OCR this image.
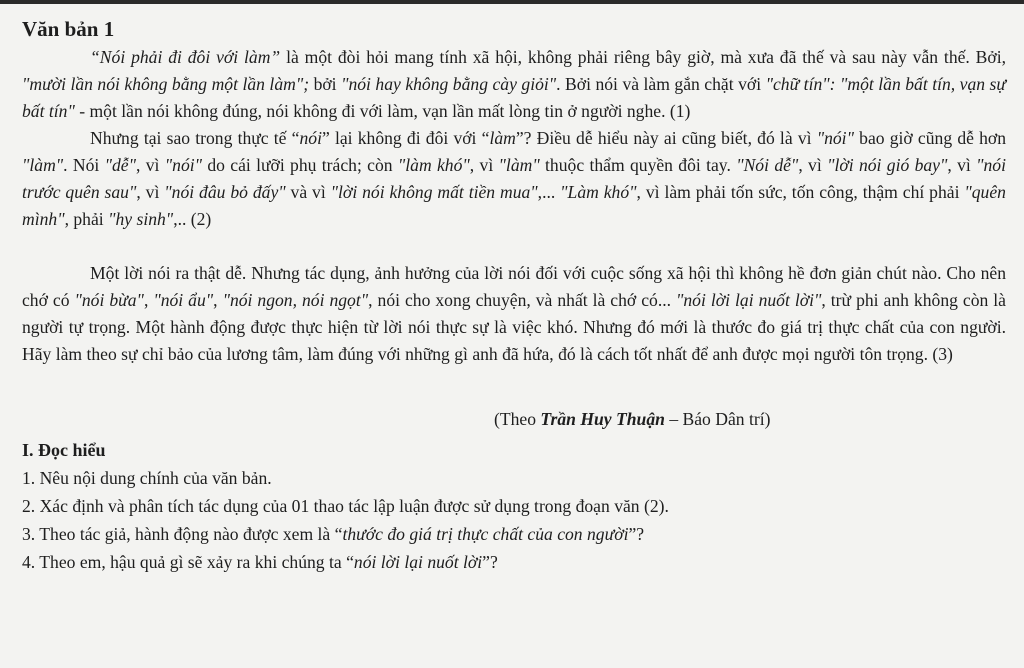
Văn bản 1

“Nói phải đi đôi với làm” là một đòi hỏi mang tính xã hội, không phải riêng bây giờ, mà xưa đã thế và sau này vẫn thế. Bởi, "mười lần nói không bằng một lần làm"; bởi "nói hay không bằng cày giỏi". Bởi nói và làm gắn chặt với "chữ tín": "một lần bất tín, vạn sự bất tín" - một lần nói không đúng, nói không đi với làm, vạn lần mất lòng tin ở người nghe. (1)

Nhưng tại sao trong thực tế “nói” lại không đi đôi với “làm”? Điều dễ hiểu này ai cũng biết, đó là vì "nói" bao giờ cũng dễ hơn "làm". Nói "dễ", vì "nói" do cái lưỡi phụ trách; còn "làm khó", vì "làm" thuộc thẩm quyền đôi tay. "Nói dễ", vì "lời nói gió bay", vì "nói trước quên sau", vì "nói đâu bỏ đấy" và vì "lời nói không mất tiền mua",... "Làm khó", vì làm phải tốn sức, tốn công, thậm chí phải "quên mình", phải "hy sinh",.. (2)

Một lời nói ra thật dễ. Nhưng tác dụng, ảnh hưởng của lời nói đối với cuộc sống xã hội thì không hề đơn giản chút nào. Cho nên chớ có "nói bừa", "nói ẩu", "nói ngon, nói ngọt", nói cho xong chuyện, và nhất là chớ có... "nói lời lại nuốt lời", trừ phi anh không còn là người tự trọng. Một hành động được thực hiện từ lời nói thực sự là việc khó. Nhưng đó mới là thước đo giá trị thực chất của con người. Hãy làm theo sự chỉ bảo của lương tâm, làm đúng với những gì anh đã hứa, đó là cách tốt nhất để anh được mọi người tôn trọng. (3)

(Theo Trần Huy Thuận – Báo Dân trí)

I. Đọc hiểu
1. Nêu nội dung chính của văn bản.
2. Xác định và phân tích tác dụng của 01 thao tác lập luận được sử dụng trong đoạn văn (2).
3. Theo tác giả, hành động nào được xem là “thước đo giá trị thực chất của con người”?
4. Theo em, hậu quả gì sẽ xảy ra khi chúng ta “nói lời lại nuốt lời”?
